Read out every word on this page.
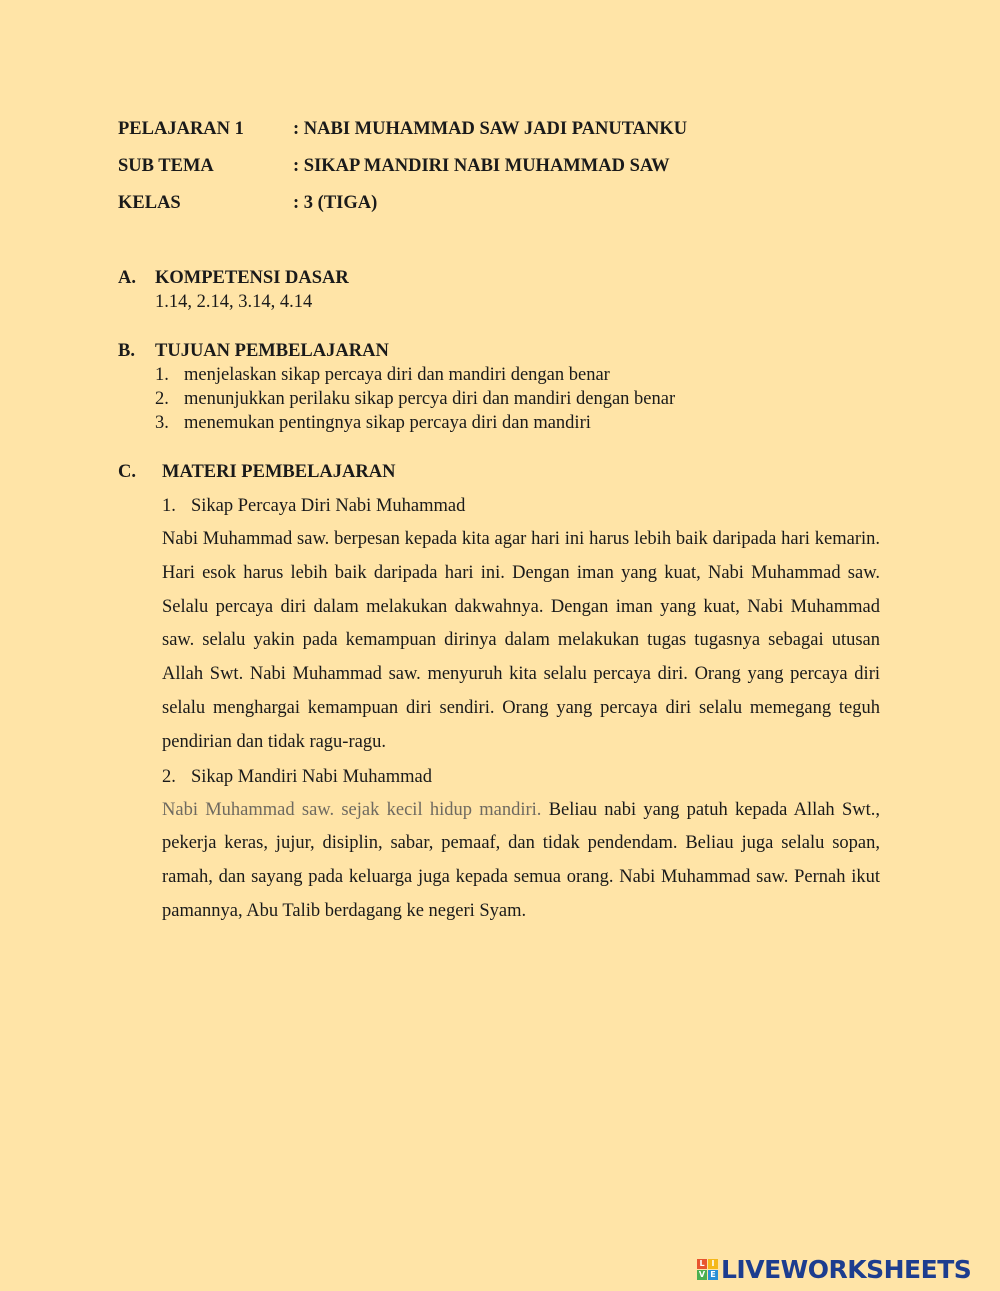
PELAJARAN 1	: NABI MUHAMMAD SAW JADI PANUTANKU
SUB TEMA	: SIKAP MANDIRI NABI MUHAMMAD SAW
KELAS	: 3 (TIGA)
A. KOMPETENSI DASAR
1.14, 2.14, 3.14, 4.14
B. TUJUAN PEMBELAJARAN
1. menjelaskan sikap percaya diri dan mandiri dengan benar
2. menunjukkan perilaku sikap percya diri dan mandiri dengan benar
3. menemukan pentingnya sikap percaya diri dan mandiri
C. MATERI PEMBELAJARAN
1. Sikap Percaya Diri Nabi Muhammad
Nabi Muhammad saw. berpesan kepada kita agar hari ini harus lebih baik daripada hari kemarin. Hari esok harus lebih baik daripada hari ini. Dengan iman yang kuat, Nabi Muhammad saw. Selalu percaya diri dalam melakukan dakwahnya. Dengan iman yang kuat, Nabi Muhammad saw. selalu yakin pada kemampuan dirinya dalam melakukan tugas tugasnya sebagai utusan Allah Swt. Nabi Muhammad saw. menyuruh kita selalu percaya diri. Orang yang percaya diri selalu menghargai kemampuan diri sendiri. Orang yang percaya diri selalu memegang teguh pendirian dan tidak ragu-ragu.
2. Sikap Mandiri Nabi Muhammad
Nabi Muhammad saw. sejak kecil hidup mandiri. Beliau nabi yang patuh kepada Allah Swt., pekerja keras, jujur, disiplin, sabar, pemaaf, dan tidak pendendam. Beliau juga selalu sopan, ramah, dan sayang pada keluarga juga kepada semua orang. Nabi Muhammad saw. Pernah ikut pamannya, Abu Talib berdagang ke negeri Syam.
L I
V E LIVEWORKSHEETS
